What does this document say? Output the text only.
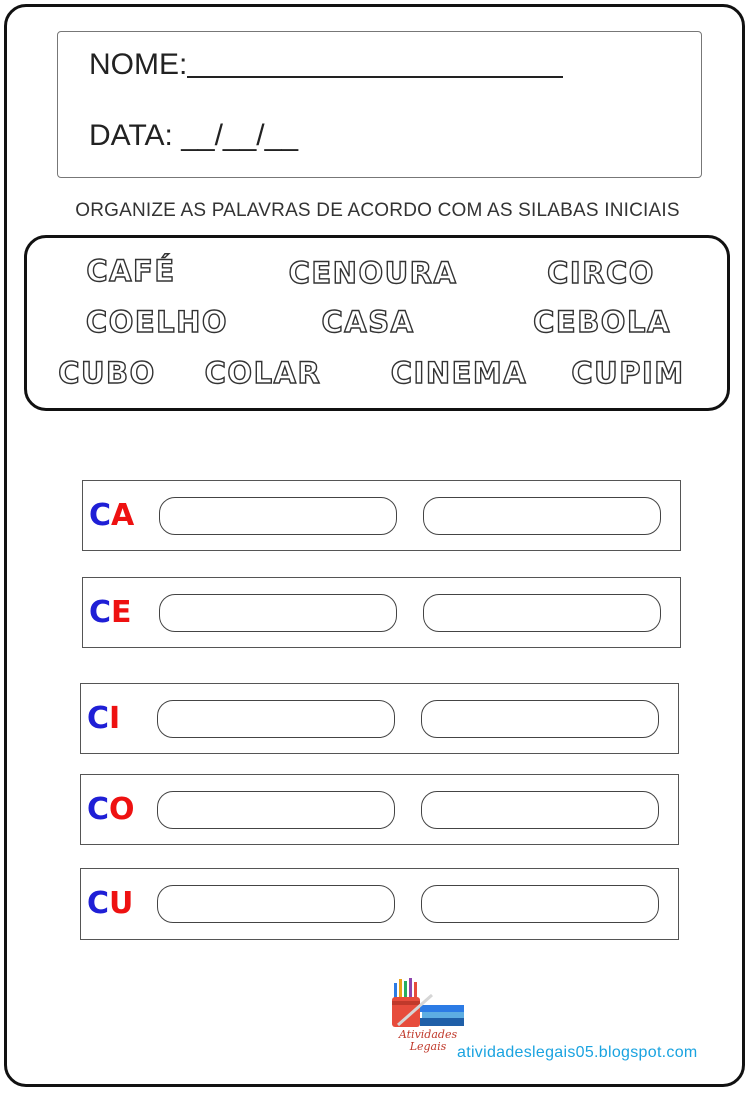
NOME:
DATA: __/__/__
ORGANIZE AS PALAVRAS DE ACORDO COM AS SILABAS INICIAIS
CAFÉ	CENOURA	CIRCO
COELHO	CASA	CEBOLA
CUBO COLAR CINEMA CUPIM
CA
CE
CI
CO
CU
Atividades
Legais atividadeslegais05.blogspot.com
